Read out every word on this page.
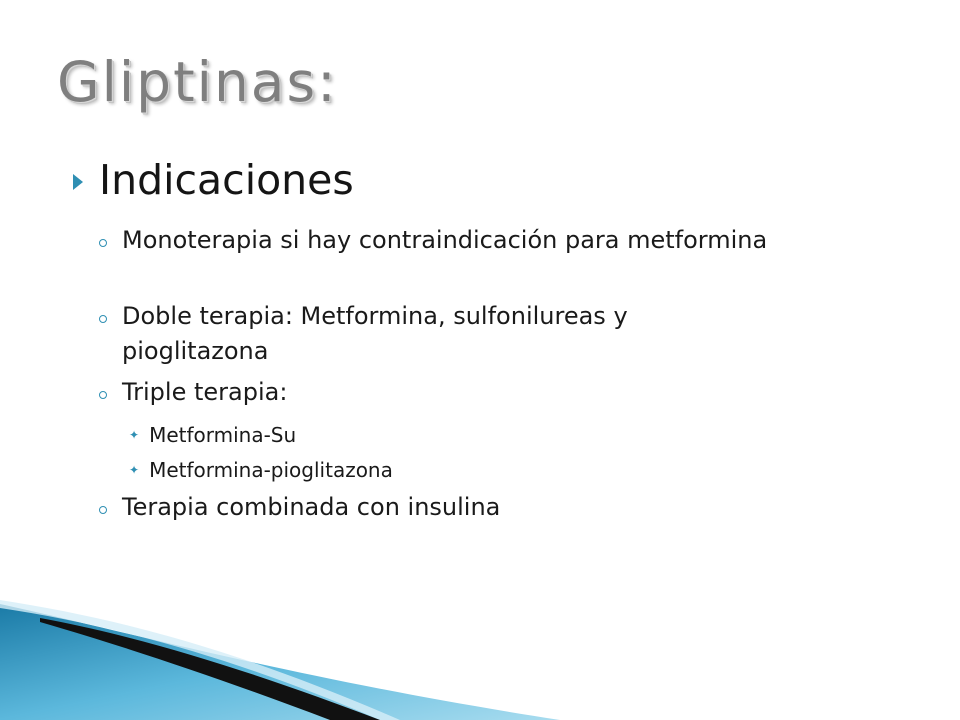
Gliptinas:
Indicaciones
Monoterapia si hay contraindicación para metformina
Doble terapia: Metformina, sulfonilureas y pioglitazona
Triple terapia:
✦ Metformina-Su
✦ Metformina-pioglitazona
Terapia combinada con insulina
